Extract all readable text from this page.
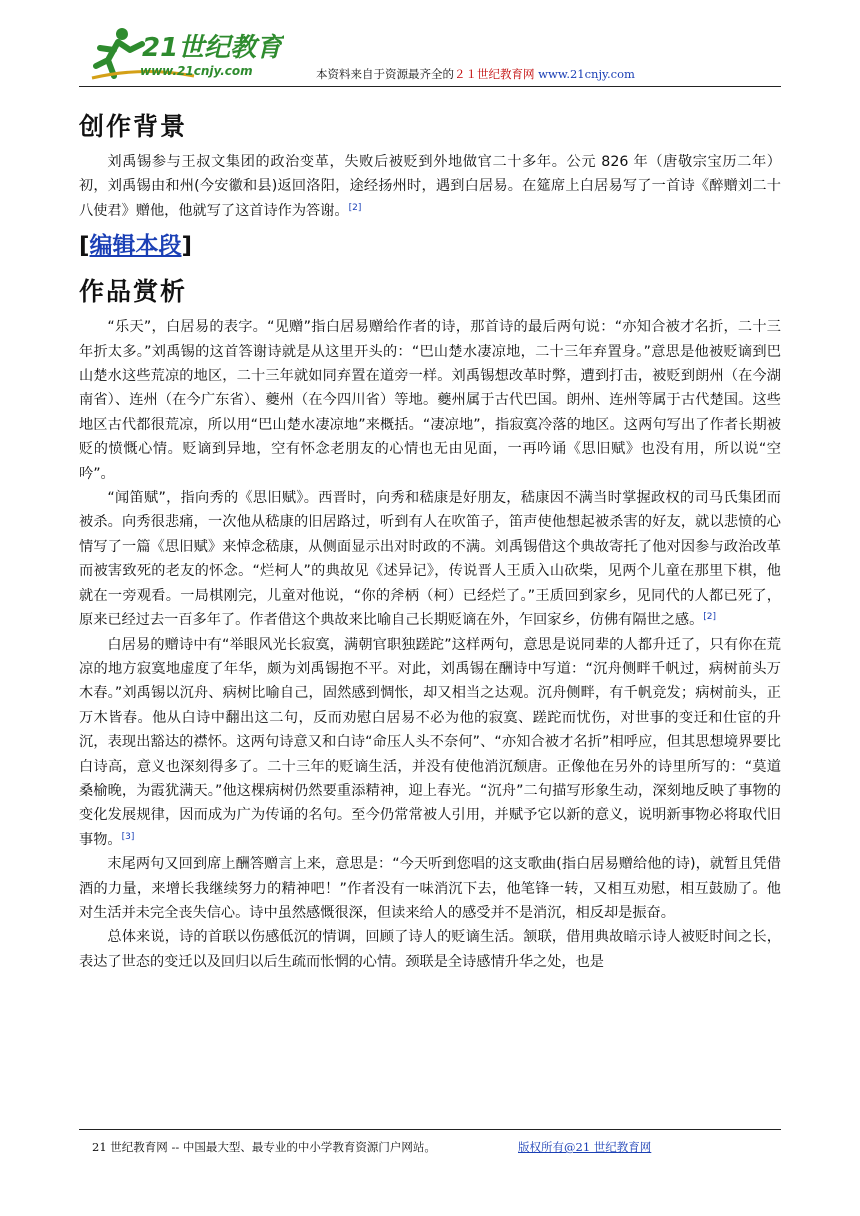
21世纪教育
www.21cnjy.com	本资料来自于资源最齐全的２１世纪教育网 www.21cnjy.com
创作背景

刘禹锡参与王叔文集团的政治变革，失败后被贬到外地做官二十多年。公元 826 年（唐敬宗宝历二年）初，刘禹锡由和州(今安徽和县)返回洛阳，途经扬州时，遇到白居易。在筵席上白居易写了一首诗《醉赠刘二十八使君》赠他，他就写了这首诗作为答谢。[2]

[编辑本段]
作品赏析

“乐天”，白居易的表字。“见赠”指白居易赠给作者的诗，那首诗的最后两句说：“亦知合被才名折，二十三年折太多。”刘禹锡的这首答谢诗就是从这里开头的：“巴山楚水凄凉地，二十三年弃置身。”意思是他被贬谪到巴山楚水这些荒凉的地区，二十三年就如同弃置在道旁一样。刘禹锡想改革时弊，遭到打击，被贬到朗州（在今湖南省）、连州（在今广东省）、夔州（在今四川省）等地。夔州属于古代巴国。朗州、连州等属于古代楚国。这些地区古代都很荒凉，所以用“巴山楚水凄凉地”来概括。“凄凉地”，指寂寞冷落的地区。这两句写出了作者长期被贬的愤慨心情。贬谪到异地，空有怀念老朋友的心情也无由见面，一再吟诵《思旧赋》也没有用，所以说“空吟”。

“闻笛赋”，指向秀的《思旧赋》。西晋时，向秀和嵇康是好朋友，嵇康因不满当时掌握政权的司马氏集团而被杀。向秀很悲痛，一次他从嵇康的旧居路过，听到有人在吹笛子，笛声使他想起被杀害的好友，就以悲愤的心情写了一篇《思旧赋》来悼念嵇康，从侧面显示出对时政的不满。刘禹锡借这个典故寄托了他对因参与政治改革而被害致死的老友的怀念。“烂柯人”的典故见《述异记》，传说晋人王质入山砍柴，见两个儿童在那里下棋，他就在一旁观看。一局棋刚完，儿童对他说，“你的斧柄（柯）已经烂了。”王质回到家乡，见同代的人都已死了，原来已经过去一百多年了。作者借这个典故来比喻自己长期贬谪在外，乍回家乡，仿佛有隔世之感。[2]

白居易的赠诗中有“举眼风光长寂寞，满朝官职独蹉跎”这样两句，意思是说同辈的人都升迁了，只有你在荒凉的地方寂寞地虚度了年华，颇为刘禹锡抱不平。对此，刘禹锡在酬诗中写道：“沉舟侧畔千帆过，病树前头万木春。”刘禹锡以沉舟、病树比喻自己，固然感到惆怅，却又相当之达观。沉舟侧畔，有千帆竞发；病树前头，正万木皆春。他从白诗中翻出这二句，反而劝慰白居易不必为他的寂寞、蹉跎而忧伤，对世事的变迁和仕宦的升沉，表现出豁达的襟怀。这两句诗意又和白诗“命压人头不奈何”、“亦知合被才名折”相呼应，但其思想境界要比白诗高，意义也深刻得多了。二十三年的贬谪生活，并没有使他消沉颓唐。正像他在另外的诗里所写的：“莫道桑榆晚，为霞犹满天。”他这棵病树仍然要重添精神，迎上春光。“沉舟”二句描写形象生动，深刻地反映了事物的变化发展规律，因而成为广为传诵的名句。至今仍常常被人引用，并赋予它以新的意义，说明新事物必将取代旧事物。[3]

末尾两句又回到席上酬答赠言上来，意思是：“今天听到您唱的这支歌曲(指白居易赠给他的诗)，就暂且凭借酒的力量，来增长我继续努力的精神吧！”作者没有一味消沉下去，他笔锋一转，又相互劝慰，相互鼓励了。他对生活并未完全丧失信心。诗中虽然感慨很深，但读来给人的感受并不是消沉，相反却是振奋。

总体来说，诗的首联以伤感低沉的情调，回顾了诗人的贬谪生活。颔联，借用典故暗示诗人被贬时间之长，表达了世态的变迁以及回归以后生疏而怅惘的心情。颈联是全诗感情升华之处，也是

21 世纪教育网 -- 中国最大型、最专业的中小学教育资源门户网站。	版权所有@21 世纪教育网
